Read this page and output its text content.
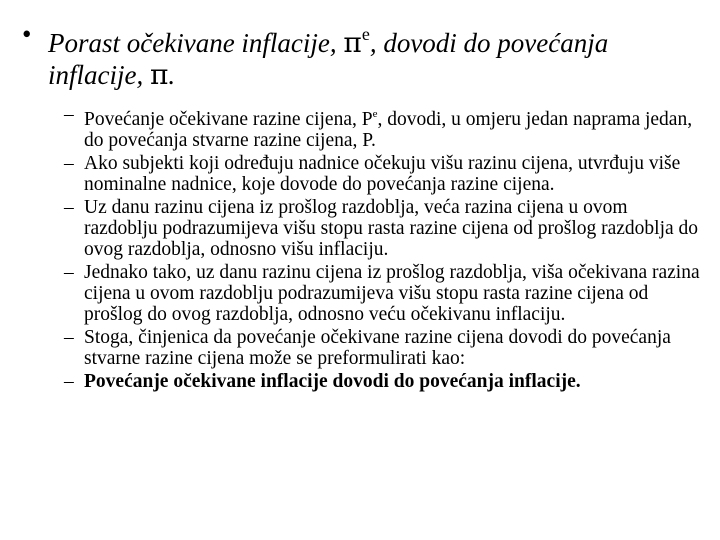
• Porast očekivane inflacije, $\pi^e$, dovodi do povećanja inflacije, π.
– Povećanje očekivane razine cijena, $P^e$, dovodi, u omjeru jedan naprama jedan, do povećanja stvarne razine cijena, P.
– Ako subjekti koji određuju nadnice očekuju višu razinu cijena, utvrđuju više nominalne nadnice, koje dovode do povećanja razine cijena.
– Uz danu razinu cijena iz prošlog razdoblja, veća razina cijena u ovom razdoblju podrazumijeva višu stopu rasta razine cijena od prošlog razdoblja do ovog razdoblja, odnosno višu inflaciju.
– Jednako tako, uz danu razinu cijena iz prošlog razdoblja, viša očekivana razina cijena u ovom razdoblju podrazumijeva višu stopu rasta razine cijena od prošlog do ovog razdoblja, odnosno veću očekivanu inflaciju.
– Stoga, činjenica da povećanje očekivane razine cijena dovodi do povećanja stvarne razine cijena može se preformulirati kao:
– Povećanje očekivane inflacije dovodi do povećanja inflacije.
